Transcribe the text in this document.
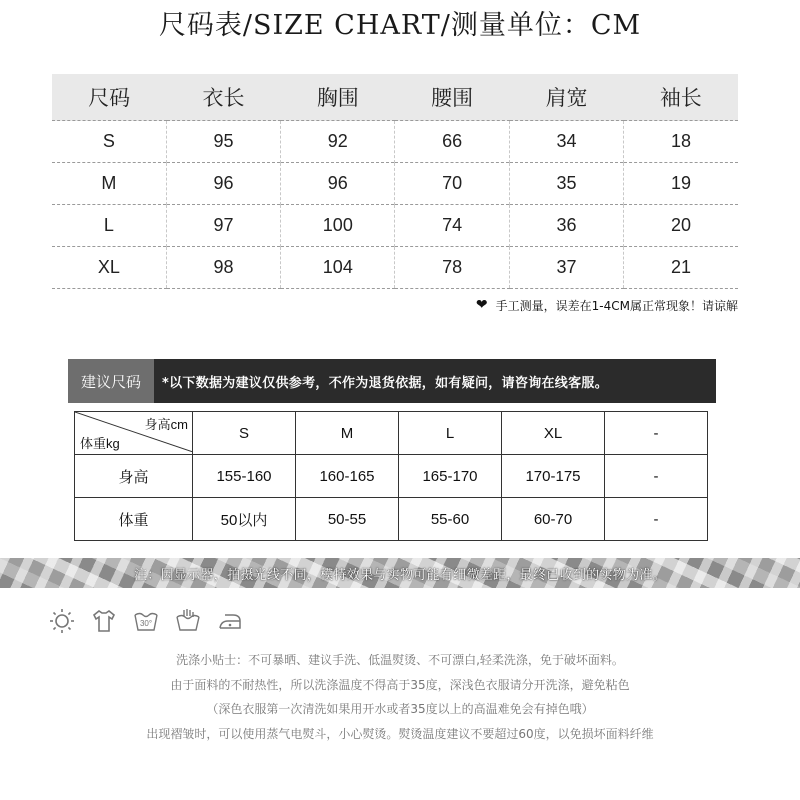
尺码表/SIZE CHART/测量单位：CM
尺码	衣长	胸围	腰围	肩宽	袖长
S	95	92	66	34	18
M	96	96	70	35	19
L	97	100	74	36	20
XL	98	104	78	37	21
❤ 手工测量，误差在1-4CM属正常现象！请谅解
建议尺码	*以下数据为建议仅供参考，不作为退货依据，如有疑问，请咨询在线客服。
身高cm
体重kg	S	M	L	XL	-
身高	155-160	160-165	165-170	170-175	-
体重	50以内	50-55	55-60	60-70	-
注：因显示器，拍摄光线不同，模特效果与实物可能有细微差距，最终已收到的实物为准。
30°
洗涤小贴士：不可暴晒、建议手洗、低温熨烫、不可漂白,轻柔洗涤，免于破坏面料。
由于面料的不耐热性，所以洗涤温度不得高于35度，深浅色衣服请分开洗涤，避免粘色
（深色衣服第一次清洗如果用开水或者35度以上的高温难免会有掉色哦）
出现褶皱时，可以使用蒸气电熨斗，小心熨烫。熨烫温度建议不要超过60度，以免损坏面料纤维
